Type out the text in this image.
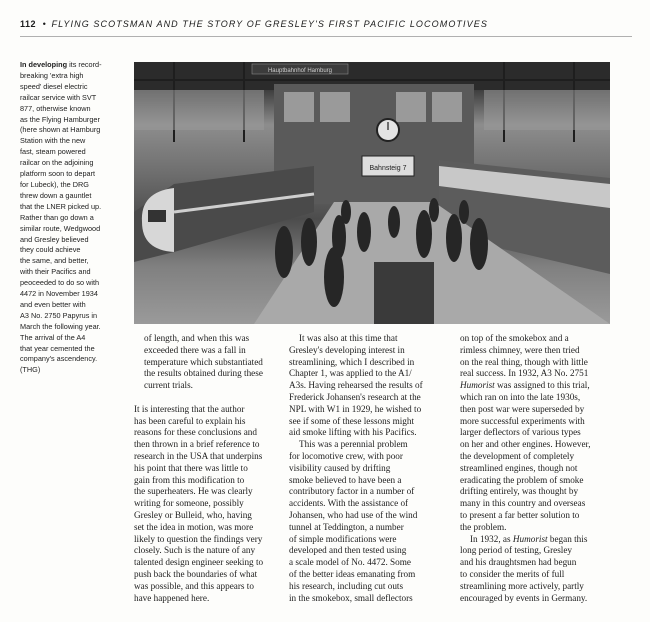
112 • FLYING SCOTSMAN AND THE STORY OF GRESLEY'S FIRST PACIFIC LOCOMOTIVES
In developing its record-
breaking 'extra high
speed' diesel electric
railcar service with SVT
877, otherwise known
as the Flying Hamburger
(here shown at Hamburg
Station with the new
fast, steam powered
railcar on the adjoining
platform soon to depart
for Lubeck), the DRG
threw down a gauntlet
that the LNER picked up.
Rather than go down a
similar route, Wedgwood
and Gresley believed
they could achieve
the same, and better,
with their Pacifics and
peoceeded to do so with
4472 in November 1934
and even better with
A3 No. 2750 Papyrus in
March the following year.
The arrival of the A4
that year cemented the
company's ascendency.
(THG)
Hauptbahnhof Hamburg
Bahnsteig 7

of length, and when this was
exceeded there was a fall in
temperature which substantiated
the results obtained during these
current trials.

It is interesting that the author
has been careful to explain his
reasons for these conclusions and
then thrown in a brief reference to
research in the USA that underpins
his point that there was little to
gain from this modification to
the superheaters. He was clearly
writing for someone, possibly
Gresley or Bulleid, who, having
set the idea in motion, was more
likely to question the findings very
closely. Such is the nature of any
talented design engineer seeking to
push back the boundaries of what
was possible, and this appears to
have happened here.

It was also at this time that
Gresley's developing interest in
streamlining, which I described in
Chapter 1, was applied to the A1/
A3s. Having rehearsed the results of
Frederick Johansen's research at the
NPL with W1 in 1929, he wished to
see if some of these lessons might
aid smoke lifting with his Pacifics.

This was a perennial problem
for locomotive crew, with poor
visibility caused by drifting
smoke believed to have been a
contributory factor in a number of
accidents. With the assistance of
Johansen, who had use of the wind
tunnel at Teddington, a number
of simple modifications were
developed and then tested using
a scale model of No. 4472. Some
of the better ideas emanating from
his research, including cut outs
in the smokebox, small deflectors

on top of the smokebox and a
rimless chimney, were then tried
on the real thing, though with little
real success. In 1932, A3 No. 2751
Humorist was assigned to this trial,
which ran on into the late 1930s,
then post war were superseded by
more successful experiments with
larger deflectors of various types
on her and other engines. However,
the development of completely
streamlined engines, though not
eradicating the problem of smoke
drifting entirely, was thought by
many in this country and overseas
to present a far better solution to
the problem.

In 1932, as Humorist began this
long period of testing, Gresley
and his draughtsmen had begun
to consider the merits of full
streamlining more actively, partly
encouraged by events in Germany.
